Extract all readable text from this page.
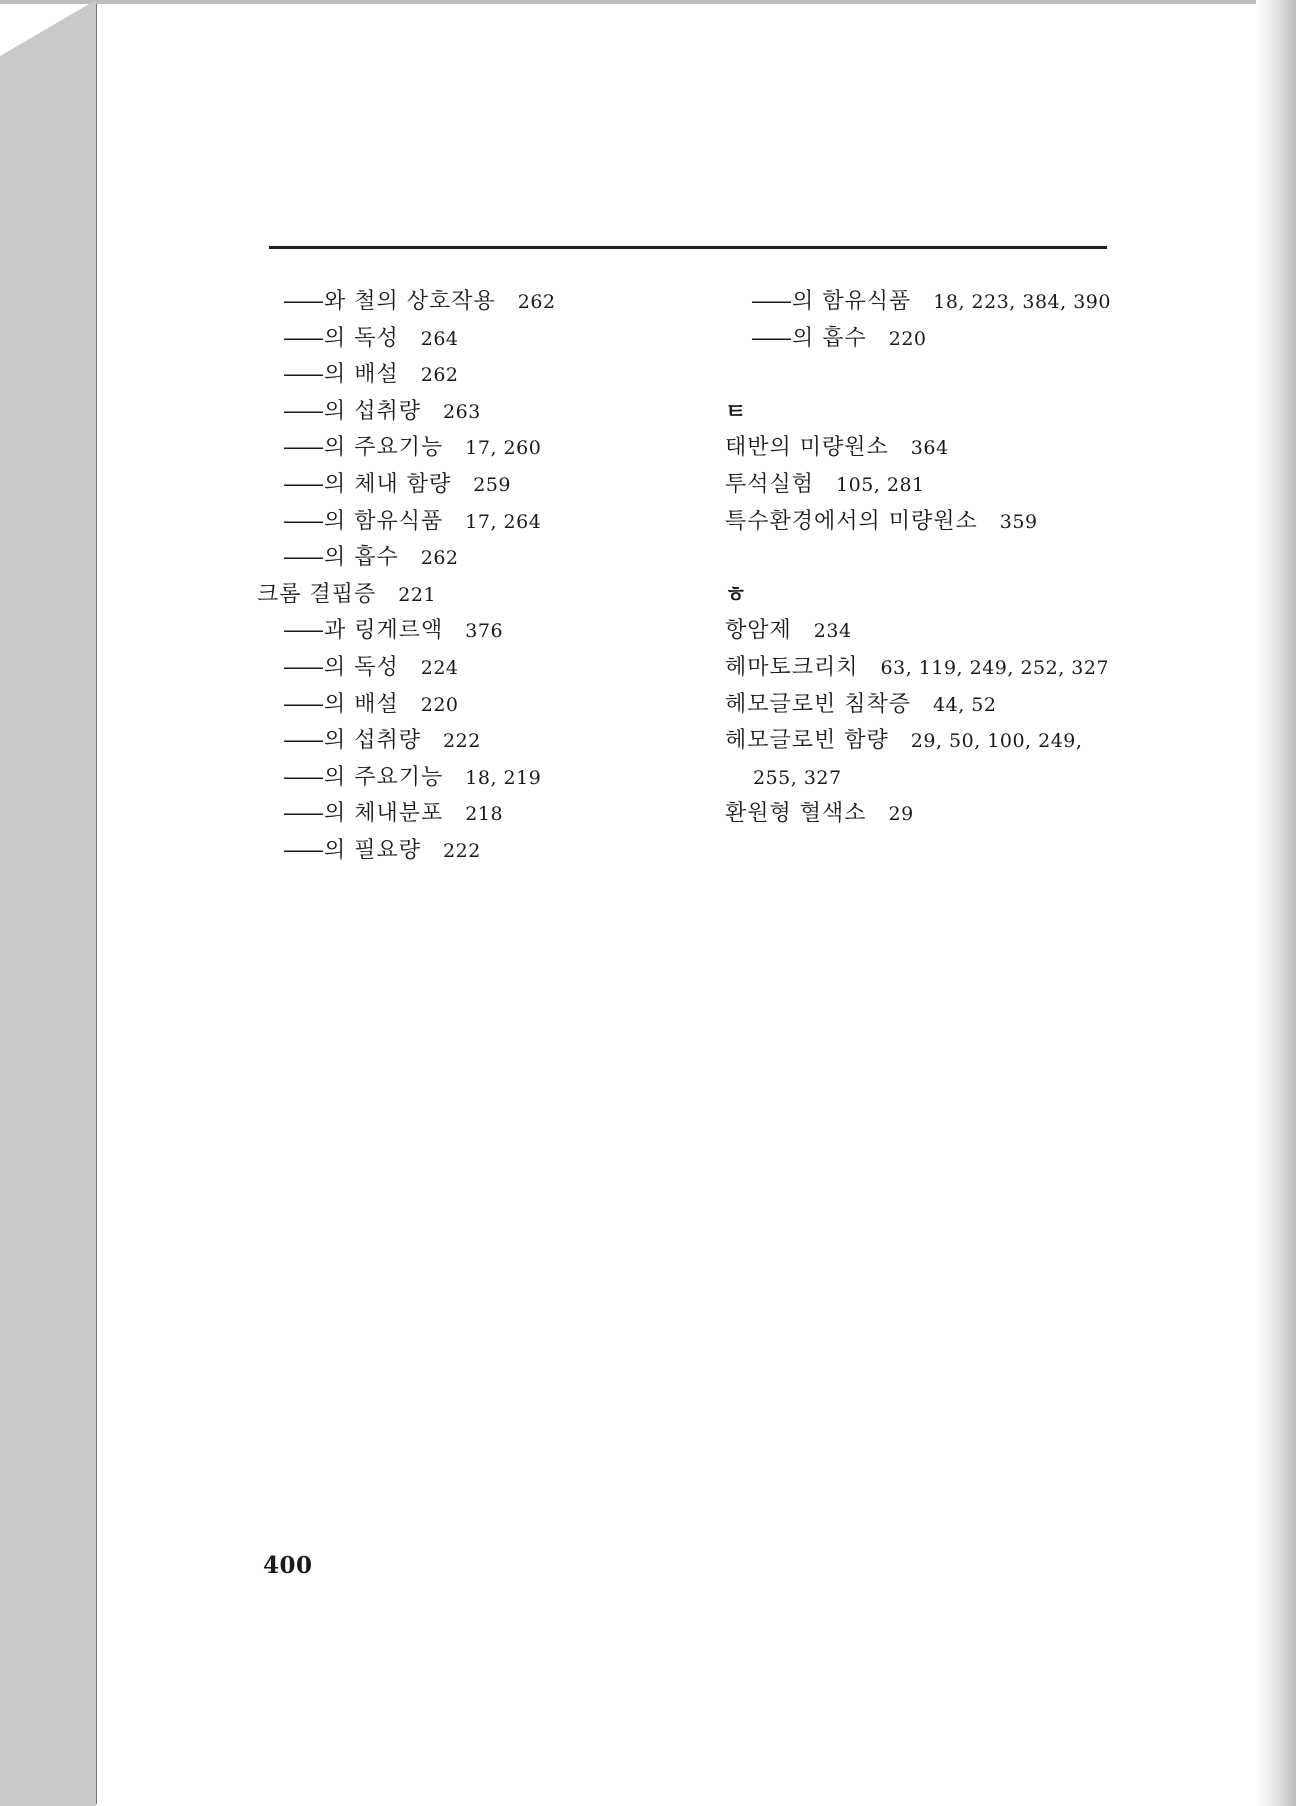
—— 와 철의 상호작용 262
—— 의 독성 264
—— 의 배설 262
—— 의 섭취량 263
—— 의 주요기능 17, 260
—— 의 체내 함량 259
—— 의 함유식품 17, 264
—— 의 흡수 262
크롬 결핍증 221
—— 과 링게르액 376
—— 의 독성 224
—— 의 배설 220
—— 의 섭취량 222
—— 의 주요기능 18, 219
—— 의 체내분포 218
—— 의 필요량 222
—— 의 함유식품 18, 223, 384, 390
—— 의 흡수 220
ㅌ
태반의 미량원소 364
투석실험 105, 281
특수환경에서의 미량원소 359
ㅎ
항암제 234
헤마토크리치 63, 119, 249, 252, 327
헤모글로빈 침착증 44, 52
헤모글로빈 함량 29, 50, 100, 249,
255, 327
환원형 혈색소 29
400
